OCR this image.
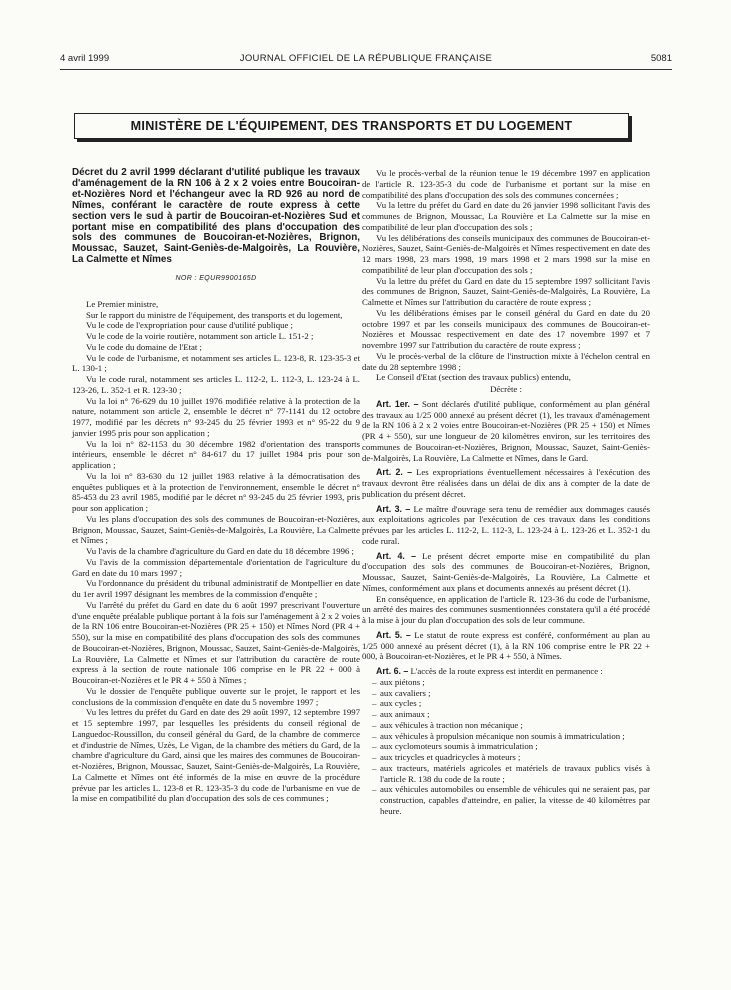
4 avril 1999	JOURNAL OFFICIEL DE LA RÉPUBLIQUE FRANÇAISE	5081
MINISTÈRE DE L'ÉQUIPEMENT, DES TRANSPORTS ET DU LOGEMENT

Décret du 2 avril 1999 déclarant d'utilité publique les travaux d'aménagement de la RN 106 à 2 x 2 voies entre Boucoiran-et-Nozières Nord et l'échangeur avec la RD 926 au nord de Nîmes, conférant le caractère de route express à cette section vers le sud à partir de Boucoiran-et-Nozières Sud et portant mise en compatibilité des plans d'occupation des sols des communes de Boucoiran-et-Nozières, Brignon, Moussac, Sauzet, Saint-Geniès-de-Malgoirès, La Rouvière, La Calmette et Nîmes

NOR : EQUR9900165D

Le Premier ministre,

Sur le rapport du ministre de l'équipement, des transports et du logement,

Vu le code de l'expropriation pour cause d'utilité publique ;

Vu le code de la voirie routière, notamment son article L. 151-2 ;

Vu le code du domaine de l'Etat ;

Vu le code de l'urbanisme, et notamment ses articles L. 123-8, R. 123-35-3 et L. 130-1 ;

Vu le code rural, notamment ses articles L. 112-2, L. 112-3, L. 123-24 à L. 123-26, L. 352-1 et R. 123-30 ;

Vu la loi n° 76-629 du 10 juillet 1976 modifiée relative à la protection de la nature, notamment son article 2, ensemble le décret n° 77-1141 du 12 octobre 1977, modifié par les décrets n° 93-245 du 25 février 1993 et n° 95-22 du 9 janvier 1995 pris pour son application ;

Vu la loi n° 82-1153 du 30 décembre 1982 d'orientation des transports intérieurs, ensemble le décret n° 84-617 du 17 juillet 1984 pris pour son application ;

Vu la loi n° 83-630 du 12 juillet 1983 relative à la démocratisation des enquêtes publiques et à la protection de l'environnement, ensemble le décret n° 85-453 du 23 avril 1985, modifié par le décret n° 93-245 du 25 février 1993, pris pour son application ;

Vu les plans d'occupation des sols des communes de Boucoiran-et-Nozières, Brignon, Moussac, Sauzet, Saint-Geniès-de-Malgoirès, La Rouvière, La Calmette et Nîmes ;

Vu l'avis de la chambre d'agriculture du Gard en date du 18 décembre 1996 ;

Vu l'avis de la commission départementale d'orientation de l'agriculture du Gard en date du 10 mars 1997 ;

Vu l'ordonnance du président du tribunal administratif de Montpellier en date du 1er avril 1997 désignant les membres de la commission d'enquête ;

Vu l'arrêté du préfet du Gard en date du 6 août 1997 prescrivant l'ouverture d'une enquête préalable publique portant à la fois sur l'aménagement à 2 x 2 voies de la RN 106 entre Boucoiran-et-Nozières (PR 25 + 150) et Nîmes Nord (PR 4 + 550), sur la mise en compatibilité des plans d'occupation des sols des communes de Boucoiran-et-Nozières, Brignon, Moussac, Sauzet, Saint-Geniès-de-Malgoirès, La Rouvière, La Calmette et Nîmes et sur l'attribution du caractère de route express à la section de route nationale 106 comprise en le PR 22 + 000 à Boucoiran-et-Nozières et le PR 4 + 550 à Nîmes ;

Vu le dossier de l'enquête publique ouverte sur le projet, le rapport et les conclusions de la commission d'enquête en date du 5 novembre 1997 ;

Vu les lettres du préfet du Gard en date des 29 août 1997, 12 septembre 1997 et 15 septembre 1997, par lesquelles les présidents du conseil régional de Languedoc-Roussillon, du conseil général du Gard, de la chambre de commerce et d'industrie de Nîmes, Uzès, Le Vigan, de la chambre des métiers du Gard, de la chambre d'agriculture du Gard, ainsi que les maires des communes de Boucoiran-et-Nozières, Brignon, Moussac, Sauzet, Saint-Geniès-de-Malgoirès, La Rouvière, La Calmette et Nîmes ont été informés de la mise en œuvre de la procédure prévue par les articles L. 123-8 et R. 123-35-3 du code de l'urbanisme en vue de la mise en compatibilité du plan d'occupation des sols de ces communes ;

Vu le procès-verbal de la réunion tenue le 19 décembre 1997 en application de l'article R. 123-35-3 du code de l'urbanisme et portant sur la mise en compatibilité des plans d'occupation des sols des communes concernées ;

Vu la lettre du préfet du Gard en date du 26 janvier 1998 sollicitant l'avis des communes de Brignon, Moussac, La Rouvière et La Calmette sur la mise en compatibilité de leur plan d'occupation des sols ;

Vu les délibérations des conseils municipaux des communes de Boucoiran-et-Nozières, Sauzet, Saint-Geniès-de-Malgoirès et Nîmes respectivement en date des 12 mars 1998, 23 mars 1998, 19 mars 1998 et 2 mars 1998 sur la mise en compatibilité de leur plan d'occupation des sols ;

Vu la lettre du préfet du Gard en date du 15 septembre 1997 sollicitant l'avis des communes de Brignon, Sauzet, Saint-Geniès-de-Malgoirès, La Rouvière, La Calmette et Nîmes sur l'attribution du caractère de route express ;

Vu les délibérations émises par le conseil général du Gard en date du 20 octobre 1997 et par les conseils municipaux des communes de Boucoiran-et-Nozières et Moussac respectivement en date des 17 novembre 1997 et 7 novembre 1997 sur l'attribution du caractère de route express ;

Vu le procès-verbal de la clôture de l'instruction mixte à l'échelon central en date du 28 septembre 1998 ;

Le Conseil d'Etat (section des travaux publics) entendu,

Décrète :

Art. 1er. – Sont déclarés d'utilité publique, conformément au plan général des travaux au 1/25 000 annexé au présent décret (1), les travaux d'aménagement de la RN 106 à 2 x 2 voies entre Boucoiran-et-Nozières (PR 25 + 150) et Nîmes (PR 4 + 550), sur une longueur de 20 kilomètres environ, sur les territoires des communes de Boucoiran-et-Nozières, Brignon, Moussac, Sauzet, Saint-Geniès-de-Malgoirès, La Rouvière, La Calmette et Nîmes, dans le Gard.

Art. 2. – Les expropriations éventuellement nécessaires à l'exécution des travaux devront être réalisées dans un délai de dix ans à compter de la date de publication du présent décret.

Art. 3. – Le maître d'ouvrage sera tenu de remédier aux dommages causés aux exploitations agricoles par l'exécution de ces travaux dans les conditions prévues par les articles L. 112-2, L. 112-3, L. 123-24 à L. 123-26 et L. 352-1 du code rural.

Art. 4. – Le présent décret emporte mise en compatibilité du plan d'occupation des sols des communes de Boucoiran-et-Nozières, Brignon, Moussac, Sauzet, Saint-Geniès-de-Malgoirès, La Rouvière, La Calmette et Nîmes, conformément aux plans et documents annexés au présent décret (1).

En conséquence, en application de l'article R. 123-36 du code de l'urbanisme, un arrêté des maires des communes susmentionnées constatera qu'il a été procédé à la mise à jour du plan d'occupation des sols de leur commune.

Art. 5. – Le statut de route express est conféré, conformément au plan au 1/25 000 annexé au présent décret (1), à la RN 106 comprise entre le PR 22 + 000, à Boucoiran-et-Nozières, et le PR 4 + 550, à Nîmes.

Art. 6. – L'accès de la route express est interdit en permanence :

– aux piétons ;
– aux cavaliers ;
– aux cycles ;
– aux animaux ;
– aux véhicules à traction non mécanique ;
– aux véhicules à propulsion mécanique non soumis à immatriculation ;
– aux cyclomoteurs soumis à immatriculation ;
– aux tricycles et quadricycles à moteurs ;
– aux tracteurs, matériels agricoles et matériels de travaux publics visés à l'article R. 138 du code de la route ;
– aux véhicules automobiles ou ensemble de véhicules qui ne seraient pas, par construction, capables d'atteindre, en palier, la vitesse de 40 kilomètres par heure.
